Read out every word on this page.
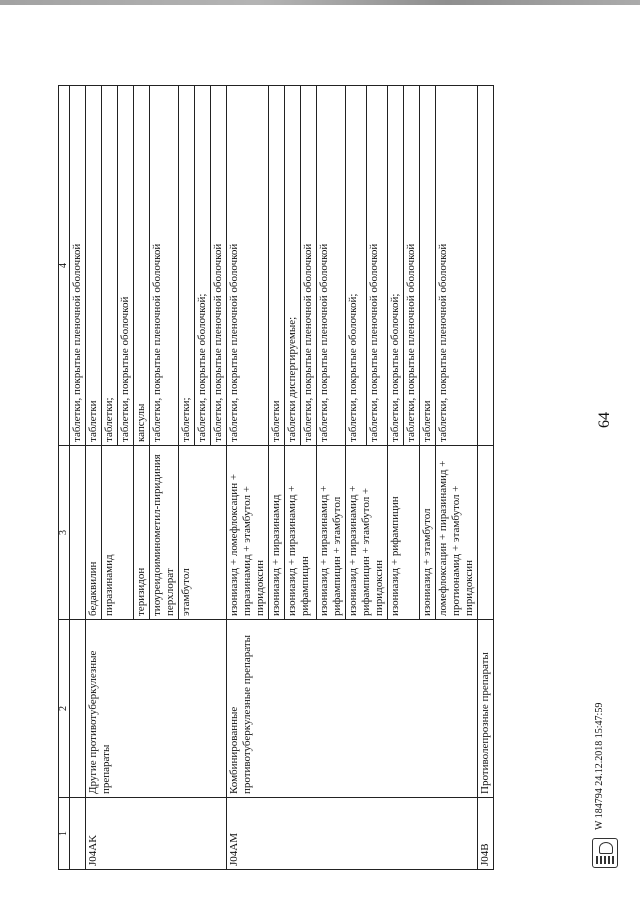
64
1	2	3	4
			таблетки, покрытые пленочной оболочкой
J04AK	Другие противотуберкулезные препараты	бедаквилин	таблетки
		пиразинамид	таблетки;
			таблетки, покрытые оболочкой
		теризидон	капсулы
		тиоуреидоиминометил-пиридиния перхлорат	таблетки, покрытые пленочной оболочкой
		этамбутол	таблетки;
			таблетки, покрытые оболочкой;
			таблетки, покрытые пленочной оболочкой
J04AM	Комбинированные противотуберкулезные препараты	изониазид + ломефлоксацин + пиразинамид + этамбутол + пиридоксин	таблетки, покрытые пленочной оболочкой
		изониазид + пиразинамид	таблетки
		изониазид + пиразинамид + рифампицин	таблетки диспергируемые;
			таблетки, покрытые пленочной оболочкой
		изониазид + пиразинамид + рифампицин + этамбутол	таблетки, покрытые пленочной оболочкой
		изониазид + пиразинамид + рифампицин + этамбутол + пиридоксин	таблетки, покрытые оболочкой;
			таблетки, покрытые пленочной оболочкой
		изониазид + рифампицин	таблетки, покрытые оболочкой;
			таблетки, покрытые пленочной оболочкой
		изониазид + этамбутол	таблетки
		ломефлоксацин + пиразинамид + протионамид + этамбутол + пиридоксин	таблетки, покрытые пленочной оболочкой
J04B	Противолепрозные препараты			W 184794 24.12.2018 15:47:59
